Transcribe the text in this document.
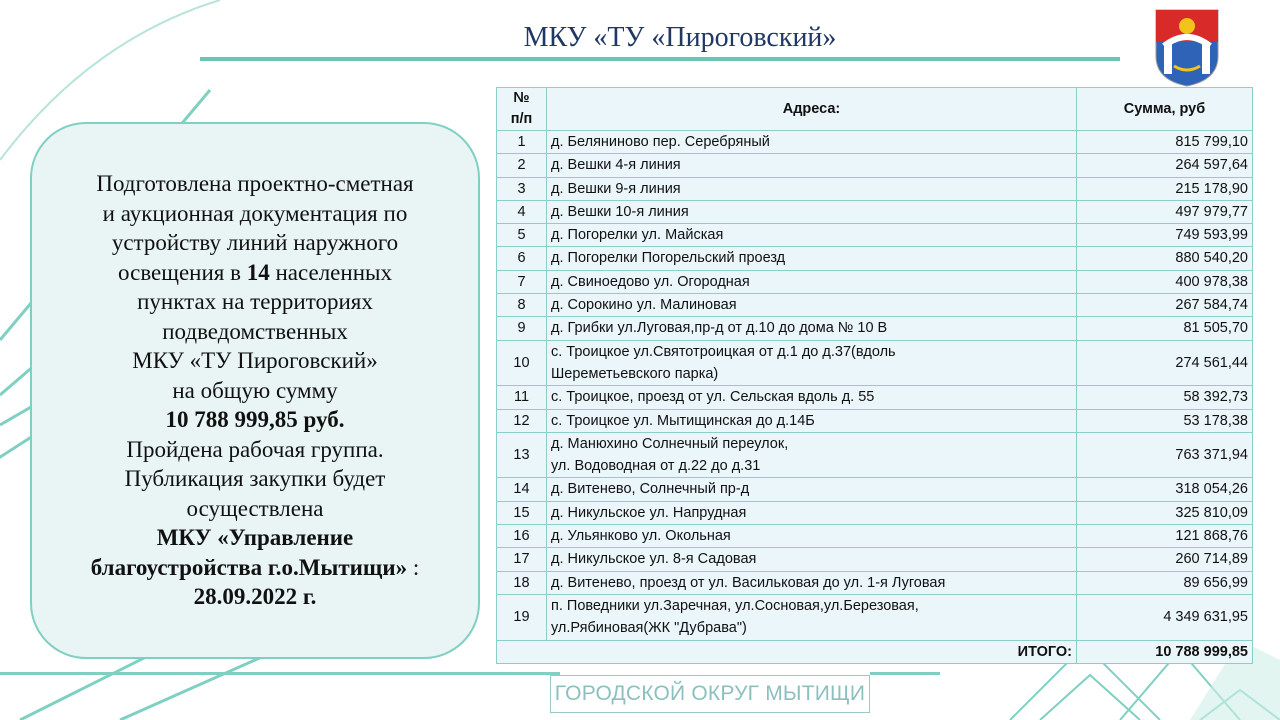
МКУ «ТУ «Пироговский»
Подготовлена проектно-сметная
и аукционная документация по
устройству линий наружного
освещения в 14 населенных
пунктах на территориях
подведомственных
МКУ «ТУ Пироговский»
на общую сумму
10 788 999,85 руб.
Пройдена рабочая группа.
Публикация закупки будет
осуществлена
МКУ «Управление
благоустройства г.о.Мытищи» :
28.09.2022 г.
№
п/п	Адреса:	Сумма, руб
1	д. Беляниново пер. Серебряный	815 799,10
2	д. Вешки 4-я линия	264 597,64
3	д. Вешки 9-я линия	215 178,90
4	д. Вешки 10-я линия	497 979,77
5	д. Погорелки ул. Майская	749 593,99
6	д. Погорелки Погорельский проезд	880 540,20
7	д. Свиноедово ул. Огородная	400 978,38
8	д. Сорокино ул. Малиновая	267 584,74
9	д. Грибки ул.Луговая,пр-д от д.10 до дома № 10 В	81 505,70
10	с. Троицкое ул.Святотроицкая от д.1 до д.37(вдоль
Шереметьевского парка)	274 561,44
11	с. Троицкое, проезд от ул. Сельская вдоль д. 55	58 392,73
12	с. Троицкое ул. Мытищинская до д.14Б	53 178,38
13	д. Манюхино Солнечный переулок,
ул. Водоводная от д.22 до д.31	763 371,94
14	д. Витенево, Солнечный пр-д	318 054,26
15	д. Никульское ул. Напрудная	325 810,09
16	д. Ульянково ул. Окольная	121 868,76
17	д. Никульское ул. 8-я Садовая	260 714,89
18	д. Витенево, проезд от ул. Васильковая до ул. 1-я Луговая	89 656,99
19	п. Поведники ул.Заречная, ул.Сосновая,ул.Березовая,
ул.Рябиновая(ЖК "Дубрава")	4 349 631,95
ИТОГО:		10 788 999,85
ГОРОДСКОЙ ОКРУГ МЫТИЩИ
